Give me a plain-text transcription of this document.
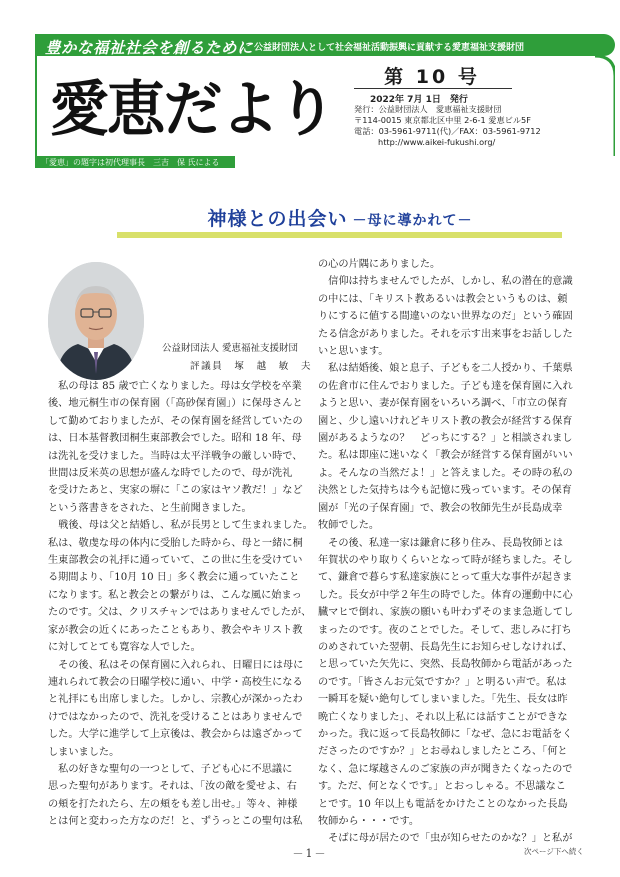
豊かな福祉社会を創るために 公益財団法人として社会福祉活動振興に貢献する愛恵福祉支援財団
愛恵だより	第 10 号
2022年 7月 1日　発行
発行：公益財団法人　愛恵福祉支援財団
〒114-0015 東京都北区中里 2-6-1 愛恵ビル5F
電話：03-5961-9711(代)／FAX：03-5961-9712
http://www.aikei-fukushi.org/
「愛恵」の題字は初代理事長　三吉　保 氏による
神様との出会い －母に導かれて－
公益財団法人 愛恵福祉支援財団
評議員　塚　越　敏　夫

　私の母は 85 歳で亡くなりました。母は女学校を卒業

後、地元桐生市の保育園（「高砂保育園」）に保母さんと

して勤めておりましたが、その保育園を経営していたの

は、日本基督教団桐生東部教会でした。昭和 18 年、母

は洗礼を受けました。当時は太平洋戦争の厳しい時で、

世間は反米英の思想が盛んな時でしたので、母が洗礼

を受けたあと、実家の塀に「この家はヤソ教だ！」など

という落書きをされた、と生前聞きました。

　戦後、母は父と結婚し、私が長男として生まれました。

私は、敬虔な母の体内に受胎した時から、母と一緒に桐

生東部教会の礼拝に通っていて、この世に生を受けてい

る期間より、「10月 10 日」多く教会に通っていたこと

になります。私と教会との繋がりは、こんな風に始まっ

たのです。父は、クリスチャンではありませんでしたが、

家が教会の近くにあったこともあり、教会やキリスト教

に対してとても寛容な人でした。

　その後、私はその保育園に入れられ、日曜日には母に

連れられて教会の日曜学校に通い、中学・高校生になる

と礼拝にも出席しました。しかし、宗教心が深かったわ

けではなかったので、洗礼を受けることはありませんで

した。大学に進学して上京後は、教会からは遠ざかって

しまいました。

　私の好きな聖句の一つとして、子ども心に不思議に

思った聖句があります。それは、「汝の敵を愛せよ、右

の頬を打たれたら、左の頬をも差し出せ。」等々、神様

とは何と変わった方なのだ！と、ずうっとこの聖句は私

の心の片隅にありました。

　信仰は持ちませんでしたが、しかし、私の潜在的意識

の中には、「キリスト教あるいは教会というものは、頼

りにするに値する間違いのない世界なのだ」という確固

たる信念がありました。それを示す出来事をお話しした

いと思います。

　私は結婚後、娘と息子、子どもを二人授かり、千葉県

の佐倉市に住んでおりました。子ども達を保育園に入れ

ようと思い、妻が保育園をいろいろ調べ、「市立の保育

園と、少し遠いけれどキリスト教の教会が経営する保育

園があるようなの？　どっちにする？」と相談されまし

た。私は即座に迷いなく「教会が経営する保育園がいい

よ。そんなの当然だよ！」と答えました。その時の私の

決然とした気持ちは今も記憶に残っています。その保育

園が「光の子保育園」で、教会の牧師先生が長島成幸

牧師でした。

　その後、私達一家は鎌倉に移り住み、長島牧師とは

年賀状のやり取りくらいとなって時が経ちました。そし

て、鎌倉で暮らす私達家族にとって重大な事件が起きま

した。長女が中学２年生の時でした。体育の運動中に心

臓マヒで倒れ、家族の願いも叶わずそのまま急逝してし

まったのです。夜のことでした。そして、悲しみに打ち

のめされていた翌朝、長島先生にお知らせしなければ、

と思っていた矢先に、突然、長島牧師から電話があった

のです。「皆さんお元気ですか？」と明るい声で。私は

一瞬耳を疑い絶句してしまいました。「先生、長女は昨

晩亡くなりました」、それ以上私には話すことができな

かった。我に返って長島牧師に「なぜ、急にお電話をく

ださったのですか？」とお尋ねしましたところ、「何と

なく、急に塚越さんのご家族の声が聞きたくなったので

す。ただ、何となくです。」とおっしゃる。不思議なこ

とです。10 年以上も電話をかけたことのなかった長島

牧師から・・・です。

　そばに母が居たので「虫が知らせたのかな？」と私が

－1－	次ページ下へ続く
